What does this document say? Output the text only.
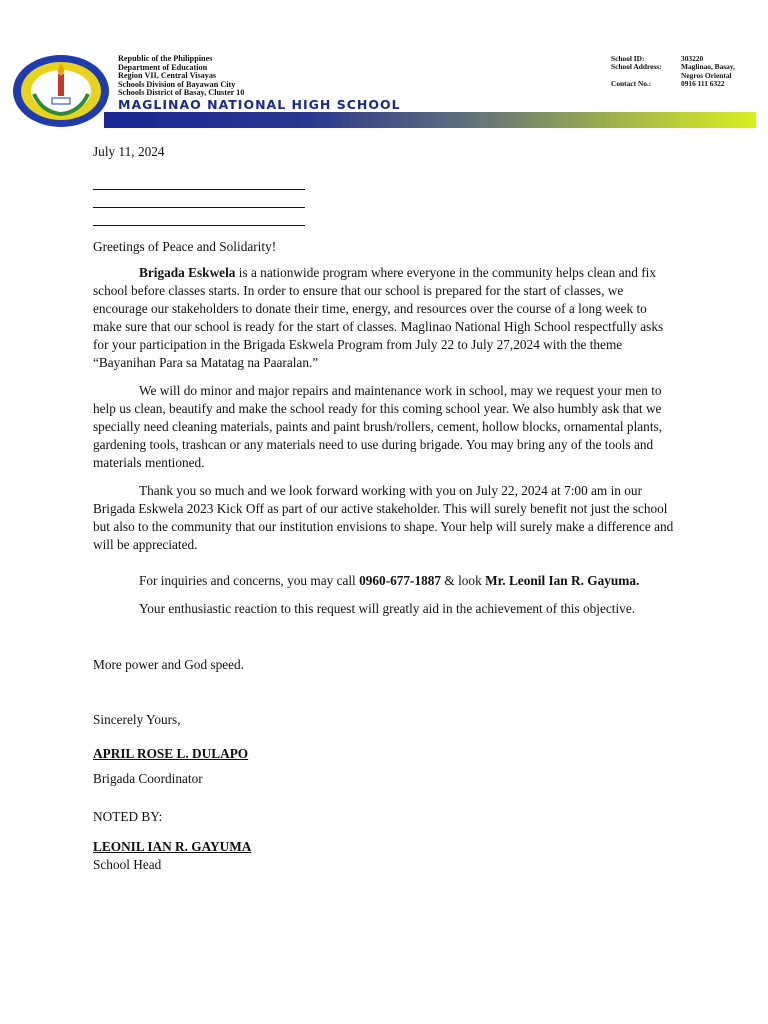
Republic of the Philippines
Department of Education
Region VII, Central Visayas
Schools Division of Bayawan City
Schools District of Basay, Cluster 10
MAGLINAO NATIONAL HIGH SCHOOL
School ID:	303220
School Address:	Maglinao, Basay, Negros Oriental
Contact No.:	0916 111 6322

July 11, 2024

Greetings of Peace and Solidarity!

Brigada Eskwela is a nationwide program where everyone in the community helps clean and fix school before classes starts. In order to ensure that our school is prepared for the start of classes, we encourage our stakeholders to donate their time, energy, and resources over the course of a long week to make sure that our school is ready for the start of classes. Maglinao National High School respectfully asks for your participation in the Brigada Eskwela Program from July 22 to July 27,2024 with the theme “Bayanihan Para sa Matatag na Paaralan.”

We will do minor and major repairs and maintenance work in school, may we request your men to help us clean, beautify and make the school ready for this coming school year. We also humbly ask that we specially need cleaning materials, paints and paint brush/rollers, cement, hollow blocks, ornamental plants, gardening tools, trashcan or any materials need to use during brigade. You may bring any of the tools and materials mentioned.

Thank you so much and we look forward working with you on July 22, 2024 at 7:00 am in our Brigada Eskwela 2023 Kick Off as part of our active stakeholder. This will surely benefit not just the school but also to the community that our institution envisions to shape. Your help will surely make a difference and will be appreciated.

For inquiries and concerns, you may call 0960-677-1887 & look Mr. Leonil Ian R. Gayuma.

Your enthusiastic reaction to this request will greatly aid in the achievement of this objective.

More power and God speed.

Sincerely Yours,

APRIL ROSE L. DULAPO

Brigada Coordinator

NOTED BY:

LEONIL IAN R. GAYUMA

School Head
